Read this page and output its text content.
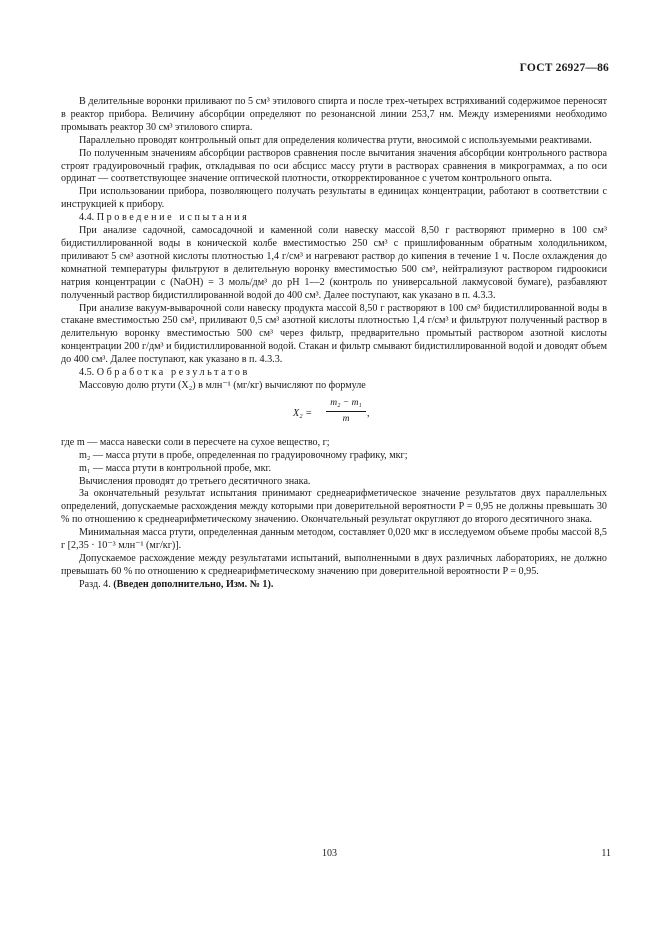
ГОСТ 26927—86

В делительные воронки приливают по 5 см³ этилового спирта и после трех-четырех встряхиваний содержимое переносят в реактор прибора. Величину абсорбции определяют по резонансной линии 253,7 нм. Между измерениями необходимо промывать реактор 30 см³ этилового спирта.

Параллельно проводят контрольный опыт для определения количества ртути, вносимой с используемыми реактивами.

По полученным значениям абсорбции растворов сравнения после вычитания значения абсорбции контрольного раствора строят градуировочный график, откладывая по оси абсцисс массу ртути в растворах сравнения в микрограммах, а по оси ординат — соответствующее значение оптической плотности, откорректированное с учетом контрольного опыта.

При использовании прибора, позволяющего получать результаты в единицах концентрации, работают в соответствии с инструкцией к прибору.

4.4. Проведение испытания

При анализе садочной, самосадочной и каменной соли навеску массой 8,50 г растворяют примерно в 100 см³ бидистиллированной воды в конической колбе вместимостью 250 см³ с пришлифованным обратным холодильником, приливают 5 см³ азотной кислоты плотностью 1,4 г/см³ и нагревают раствор до кипения в течение 1 ч. После охлаждения до комнатной температуры фильтруют в делительную воронку вместимостью 500 см³, нейтрализуют раствором гидроокиси натрия концентрации c (NaOH) = 3 моль/дм³ до pH 1—2 (контроль по универсальной лакмусовой бумаге), разбавляют полученный раствор бидистиллированной водой до 400 см³. Далее поступают, как указано в п. 4.3.3.

При анализе вакуум-выварочной соли навеску продукта массой 8,50 г растворяют в 100 см³ бидистиллированной воды в стакане вместимостью 250 см³, приливают 0,5 см³ азотной кислоты плотностью 1,4 г/см³ и фильтруют полученный раствор в делительную воронку вместимостью 500 см³ через фильтр, предварительно промытый раствором азотной кислоты концентрации 200 г/дм³ и бидистиллированной водой. Стакан и фильтр смывают бидистиллированной водой и доводят объем до 400 см³. Далее поступают, как указано в п. 4.3.3.

4.5. Обработка результатов

Массовую долю ртути (X₂) в млн⁻¹ (мг/кг) вычисляют по формуле

X₂ =
m₂ − m₁
m	,

где m — масса навески соли в пересчете на сухое вещество, г;

m₂ — масса ртути в пробе, определенная по градуировочному графику, мкг;

m₁ — масса ртути в контрольной пробе, мкг.

Вычисления проводят до третьего десятичного знака.

За окончательный результат испытания принимают среднеарифметическое значение результатов двух параллельных определений, допускаемые расхождения между которыми при доверительной вероятности P = 0,95 не должны превышать 30 % по отношению к среднеарифметическому значению. Окончательный результат округляют до второго десятичного знака.

Минимальная масса ртути, определенная данным методом, составляет 0,020 мкг в исследуемом объеме пробы массой 8,5 г [2,35 · 10⁻³ млн⁻¹ (мг/кг)].

Допускаемое расхождение между результатами испытаний, выполненными в двух различных лабораториях, не должно превышать 60 % по отношению к среднеарифметическому значению при доверительной вероятности P = 0,95.

Разд. 4. (Введен дополнительно, Изм. № 1).

103	11
